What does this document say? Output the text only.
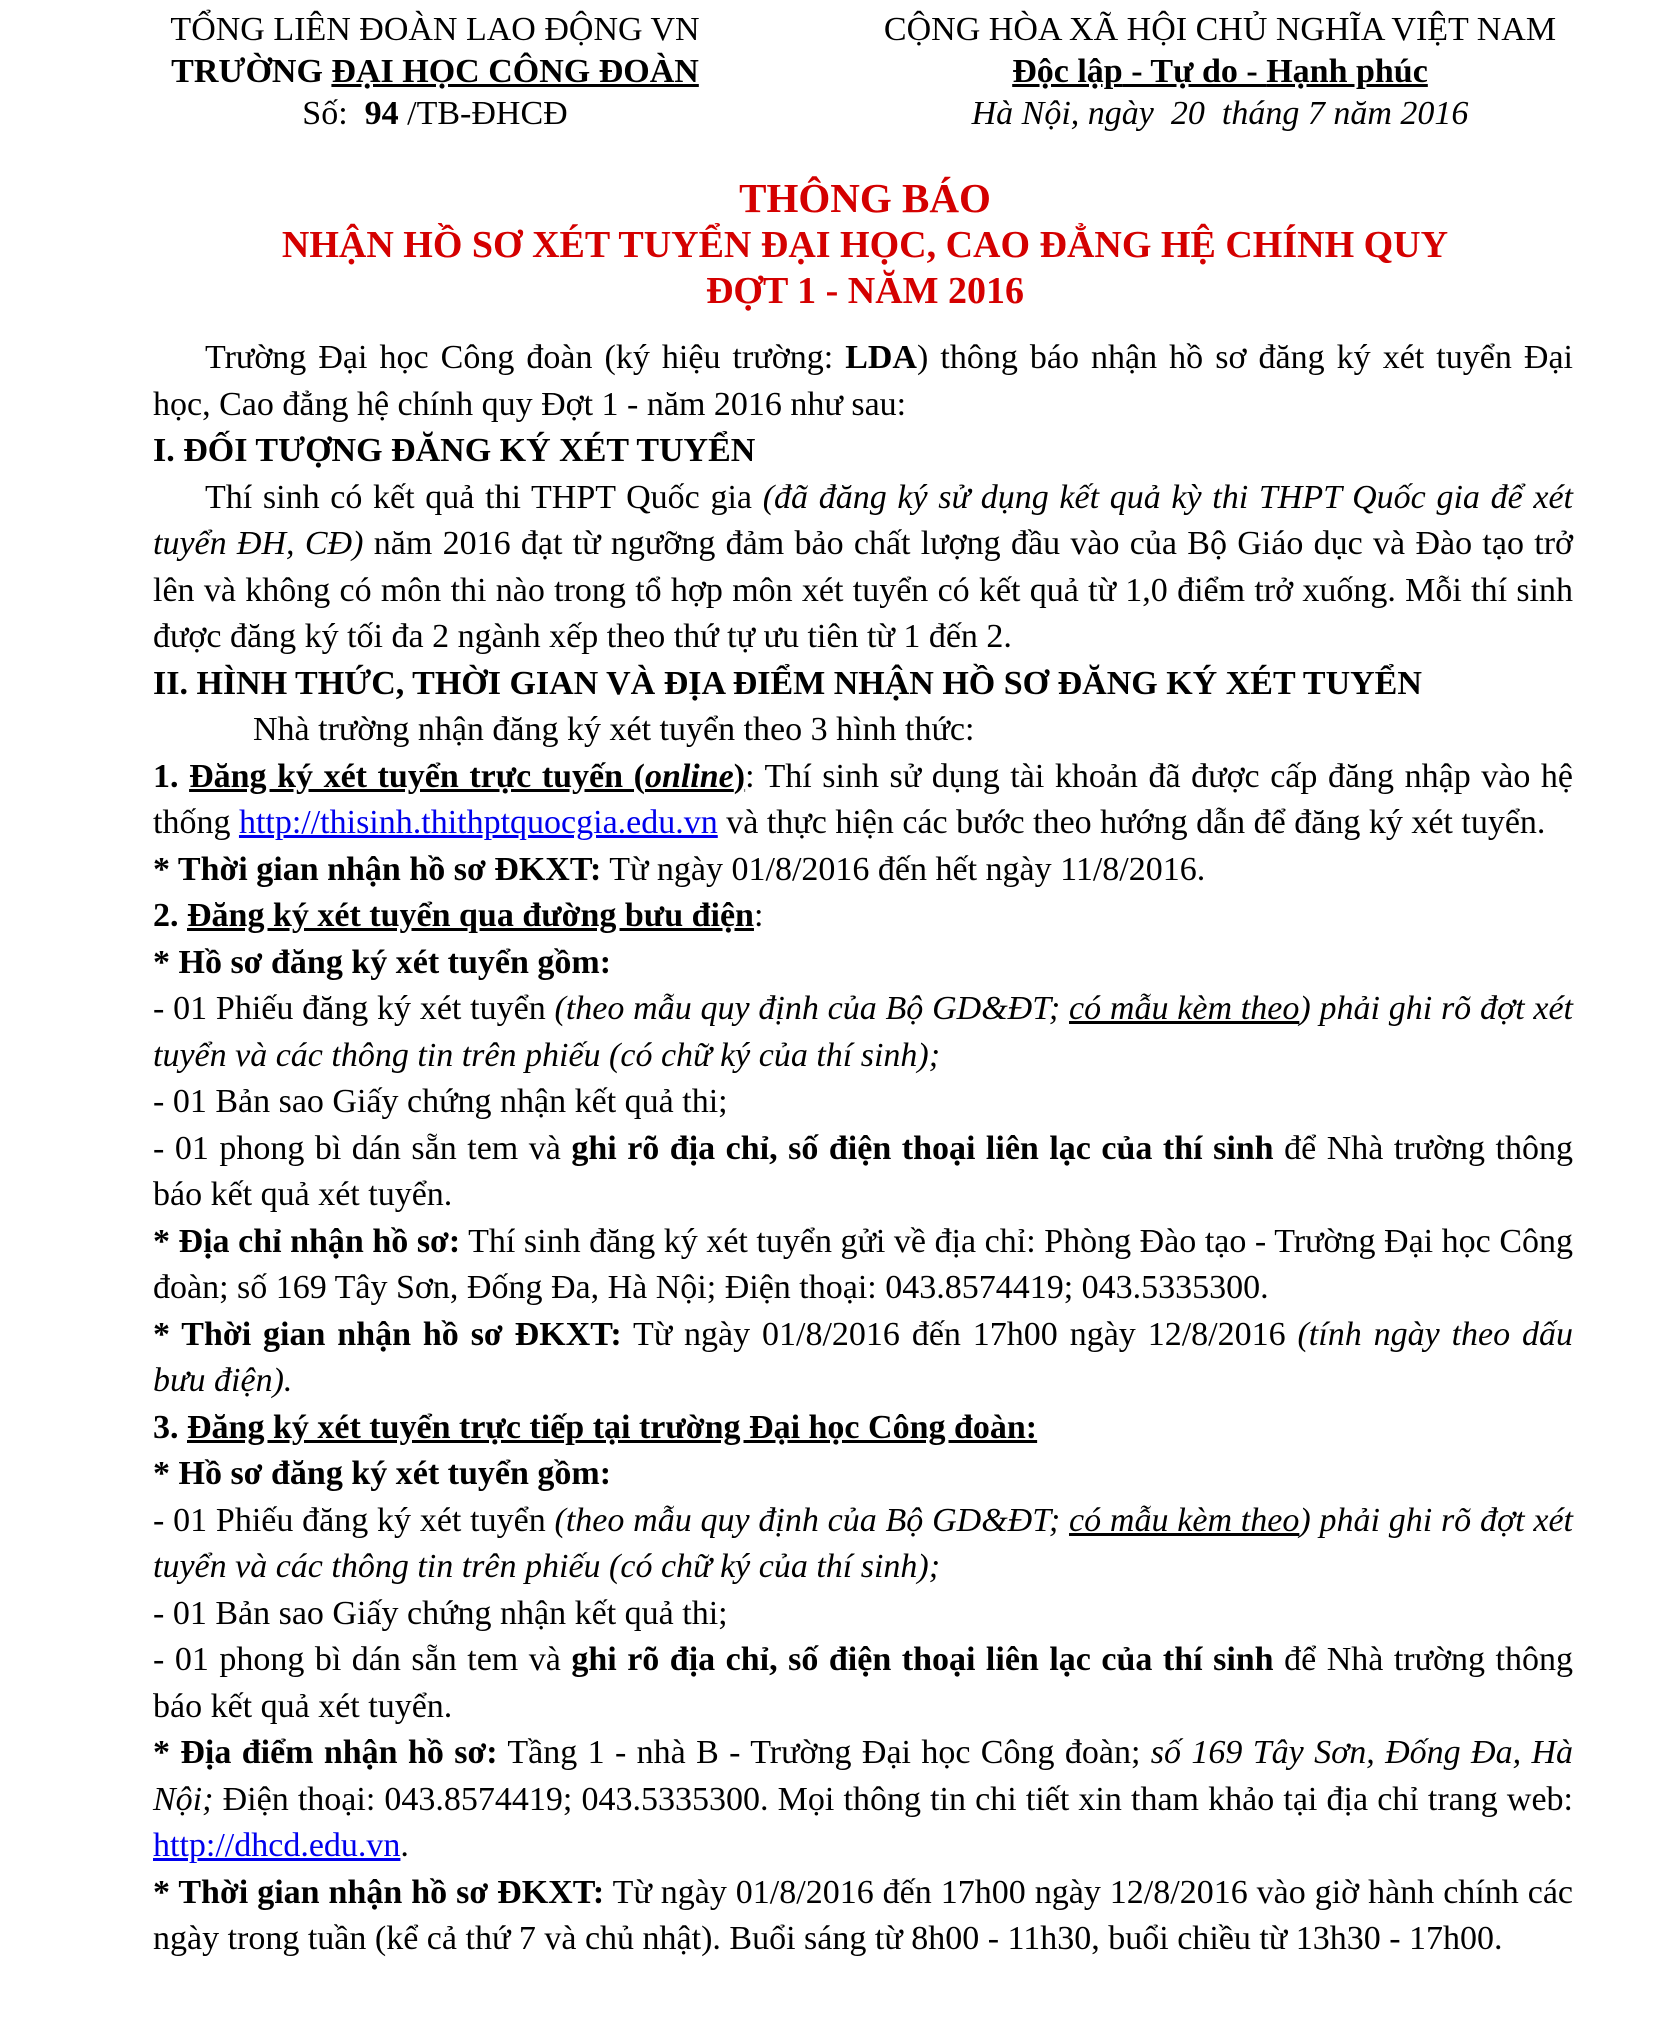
TỔNG LIÊN ĐOÀN LAO ĐỘNG VN
TRƯỜNG ĐẠI HỌC CÔNG ĐOÀN
Số: 94 /TB-ĐHCĐ
CỘNG HÒA XÃ HỘI CHỦ NGHĨA VIỆT NAM
Độc lập - Tự do - Hạnh phúc
Hà Nội, ngày  20  tháng 7 năm 2016
THÔNG BÁO
NHẬN HỒ SƠ XÉT TUYỂN ĐẠI HỌC, CAO ĐẲNG HỆ CHÍNH QUY
ĐỢT 1 - NĂM 2016

Trường Đại học Công đoàn (ký hiệu trường: LDA) thông báo nhận hồ sơ đăng ký xét tuyển Đại học, Cao đẳng hệ chính quy Đợt 1 - năm 2016 như sau:

I. ĐỐI TƯỢNG ĐĂNG KÝ XÉT TUYỂN

Thí sinh có kết quả thi THPT Quốc gia (đã đăng ký sử dụng kết quả kỳ thi THPT Quốc gia để xét tuyển ĐH, CĐ) năm 2016 đạt từ ngưỡng đảm bảo chất lượng đầu vào của Bộ Giáo dục và Đào tạo trở lên và không có môn thi nào trong tổ hợp môn xét tuyển có kết quả từ 1,0 điểm trở xuống. Mỗi thí sinh được đăng ký tối đa 2 ngành xếp theo thứ tự ưu tiên từ 1 đến 2.

II. HÌNH THỨC, THỜI GIAN VÀ ĐỊA ĐIỂM NHẬN HỒ SƠ ĐĂNG KÝ XÉT TUYỂN

Nhà trường nhận đăng ký xét tuyển theo 3 hình thức:

1. Đăng ký xét tuyển trực tuyến (online): Thí sinh sử dụng tài khoản đã được cấp đăng nhập vào hệ thống http://thisinh.thithptquocgia.edu.vn và thực hiện các bước theo hướng dẫn để đăng ký xét tuyển.

* Thời gian nhận hồ sơ ĐKXT: Từ ngày 01/8/2016 đến hết ngày 11/8/2016.

2. Đăng ký xét tuyển qua đường bưu điện:

* Hồ sơ đăng ký xét tuyển gồm:

- 01 Phiếu đăng ký xét tuyển (theo mẫu quy định của Bộ GD&ĐT; có mẫu kèm theo) phải ghi rõ đợt xét tuyển và các thông tin trên phiếu (có chữ ký của thí sinh);

- 01 Bản sao Giấy chứng nhận kết quả thi;

- 01 phong bì dán sẵn tem và ghi rõ địa chỉ, số điện thoại liên lạc của thí sinh để Nhà trường thông báo kết quả xét tuyển.

* Địa chỉ nhận hồ sơ: Thí sinh đăng ký xét tuyển gửi về địa chỉ: Phòng Đào tạo - Trường Đại học Công đoàn; số 169 Tây Sơn, Đống Đa, Hà Nội; Điện thoại: 043.8574419; 043.5335300.

* Thời gian nhận hồ sơ ĐKXT: Từ ngày 01/8/2016 đến 17h00 ngày 12/8/2016 (tính ngày theo dấu bưu điện).

3. Đăng ký xét tuyển trực tiếp tại trường Đại học Công đoàn:

* Hồ sơ đăng ký xét tuyển gồm:

- 01 Phiếu đăng ký xét tuyển (theo mẫu quy định của Bộ GD&ĐT; có mẫu kèm theo) phải ghi rõ đợt xét tuyển và các thông tin trên phiếu (có chữ ký của thí sinh);

- 01 Bản sao Giấy chứng nhận kết quả thi;

- 01 phong bì dán sẵn tem và ghi rõ địa chỉ, số điện thoại liên lạc của thí sinh để Nhà trường thông báo kết quả xét tuyển.

* Địa điểm nhận hồ sơ: Tầng 1 - nhà B - Trường Đại học Công đoàn; số 169 Tây Sơn, Đống Đa, Hà Nội; Điện thoại: 043.8574419; 043.5335300. Mọi thông tin chi tiết xin tham khảo tại địa chỉ trang web: http://dhcd.edu.vn.

* Thời gian nhận hồ sơ ĐKXT: Từ ngày 01/8/2016 đến 17h00 ngày 12/8/2016 vào giờ hành chính các ngày trong tuần (kể cả thứ 7 và chủ nhật). Buổi sáng từ 8h00 - 11h30, buổi chiều từ 13h30 - 17h00.
